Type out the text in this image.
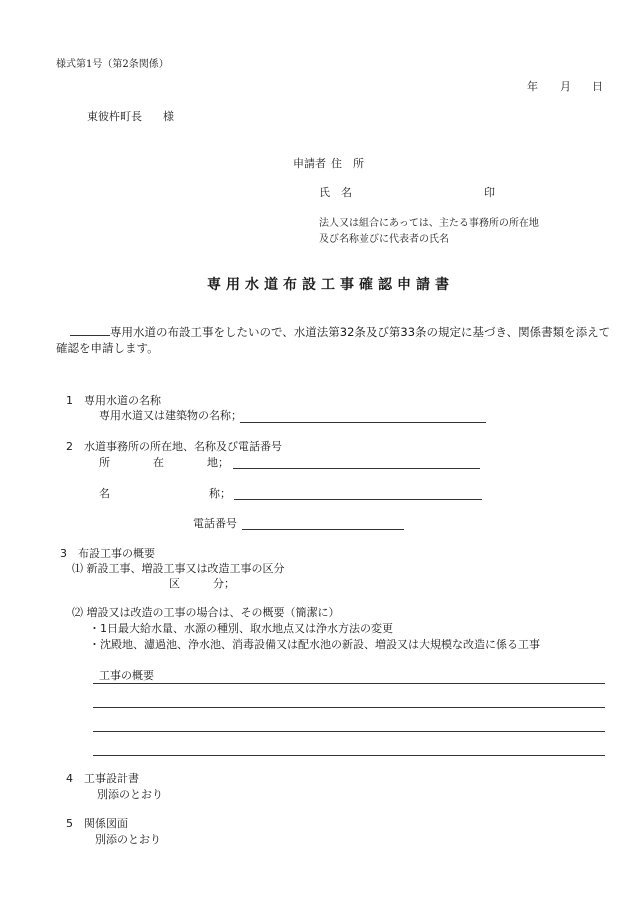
様式第1号（第2条関係）
年 月 日
東彼杵町長 様
申請者 住　所
氏　名	印
法人又は組合にあっては、主たる事務所の所在地
及び名称並びに代表者の氏名
専用水道布設工事確認申請書
専用水道の布設工事をしたいので、水道法第32条及び第33条の規定に基づき、関係書類を添えて確認を申請します。
1　専用水道の名称
専用水道又は建築物の名称；
2　水道事務所の所在地、名称及び電話番号
所	在	地；
名	称；
電話番号
3　布設工事の概要
⑴ 新設工事、増設工事又は改造工事の区分
区	分；
⑵ 増設又は改造の工事の場合は、その概要（簡潔に）
・1日最大給水量、水源の種別、取水地点又は浄水方法の変更
・沈殿地、濾過池、浄水池、消毒設備又は配水池の新設、増設又は大規模な改造に係る工事
工事の概要
4　工事設計書
別添のとおり
5　関係図面
別添のとおり
